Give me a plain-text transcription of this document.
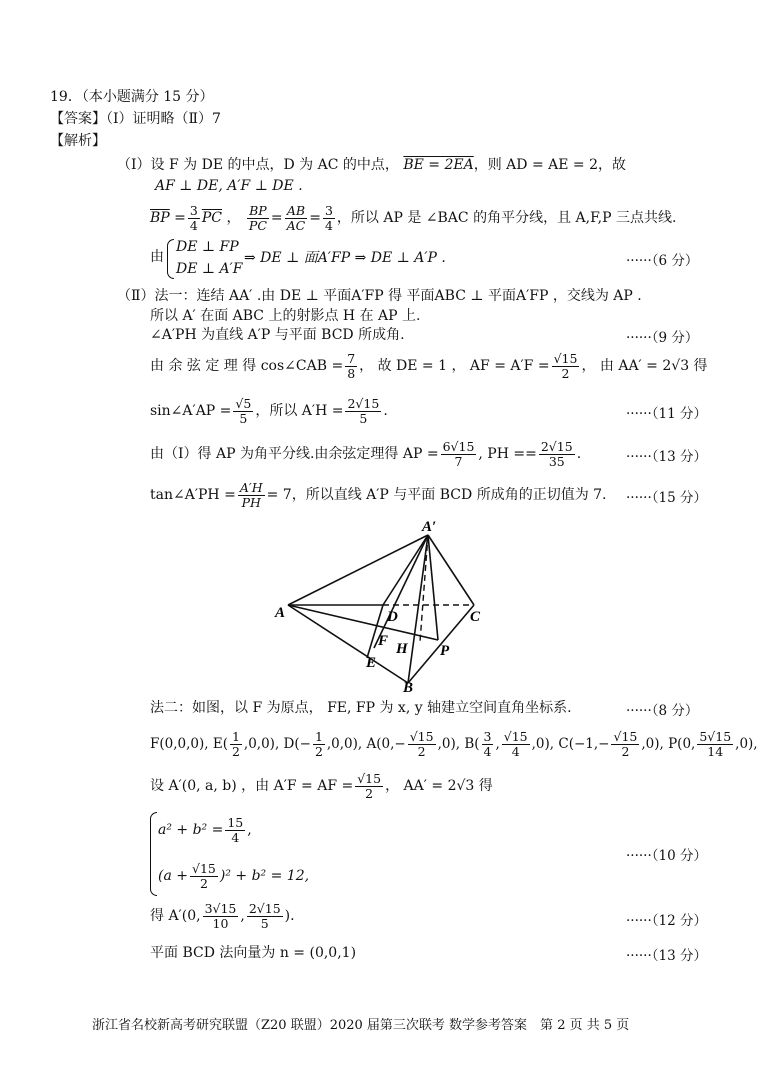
19．（本小题满分 15 分）
【答案】（Ⅰ）证明略（Ⅱ）7
【解析】
（Ⅰ）设 F 为 DE 的中点，D 为 AC 的中点， BE = 2EA，则 AD = AE = 2，故
AF ⊥ DE, A′F ⊥ DE .
$\overline{BP}$
= $\frac{3}{4} \overline{PC}$ ， $\frac{BP}{PC} = \frac{AB}{AC} = \frac{3}{4}$ ，所以 AP 是 ∠BAC 的角平分线，且 A,F,P 三点共线.
由
DE ⊥ FP
DE ⊥ A′F
⇒ DE ⊥ 面A′FP ⇒ DE ⊥ A′P .	······（6 分）
（Ⅱ）法一：连结 AA′ .由 DE ⊥ 平面A′FP 得 平面ABC ⊥ 平面A′FP ，交线为 AP .
所以 A′ 在面 ABC 上的射影点 H 在 AP 上.
∠A′PH 为直线 A′P 与平面 BCD 所成角.	······（9 分）
由 余 弦 定 理 得 cos∠CAB = $\frac{7}{8}$ ， 故 DE = 1 ， AF = $A'F = \frac{√15}{2}$ ， 由 AA′ = 2√3 得
sin∠A′AP = $\frac{√5}{5}$ ，所以 $A'H = \frac{2√15}{5}$ .	······（11 分）
由（Ⅰ）得 AP 为角平分线.由余弦定理得 AP = $\frac{6√15}{7}$ , PH == $\frac{2√15}{35}$ .	······（13 分）
tan∠A′PH = $\frac{A'H}{PH} = 7$，所以直线 A′P 与平面 BCD 所成角的正切值为 7. ······（15 分）
A′
A	D	C
F
E
H P
B
法二：如图，以 F 为原点， FE, FP 为 x, y 轴建立空间直角坐标系.	······（8 分）
F(0,0,0), $E( \frac{1}{2} ,0,0)$, $D(- \frac{1}{2} ,0,0)$, $A(0,- \frac{√15}{2} ,0)$, $B( \frac{3}{4}$ , $\frac{√15}{4} ,0$), $C(-1,- \frac{√15}{2} ,0)$, P(0, $\frac{5√15}{14} ,0$),
设 A′(0, a, b) ，由 A′F = AF = $\frac{√15}{2}$ ， AA′ = 2√3 得
$a^2 + b^2 = \frac{15}{4}$ ,
$(a + \frac{√15}{2} )^2 + b^2 = 12$,
······（10 分）
得 A′(0, $\frac{3√15}{10}$ , $\frac{2√15}{5}$ ).	······（12 分）
平面 BCD 法向量为 n = (0,0,1)	······（13 分）
浙江省名校新高考研究联盟（Z20 联盟）2020 届第三次联考 数学参考答案　第 2 页 共 5 页
